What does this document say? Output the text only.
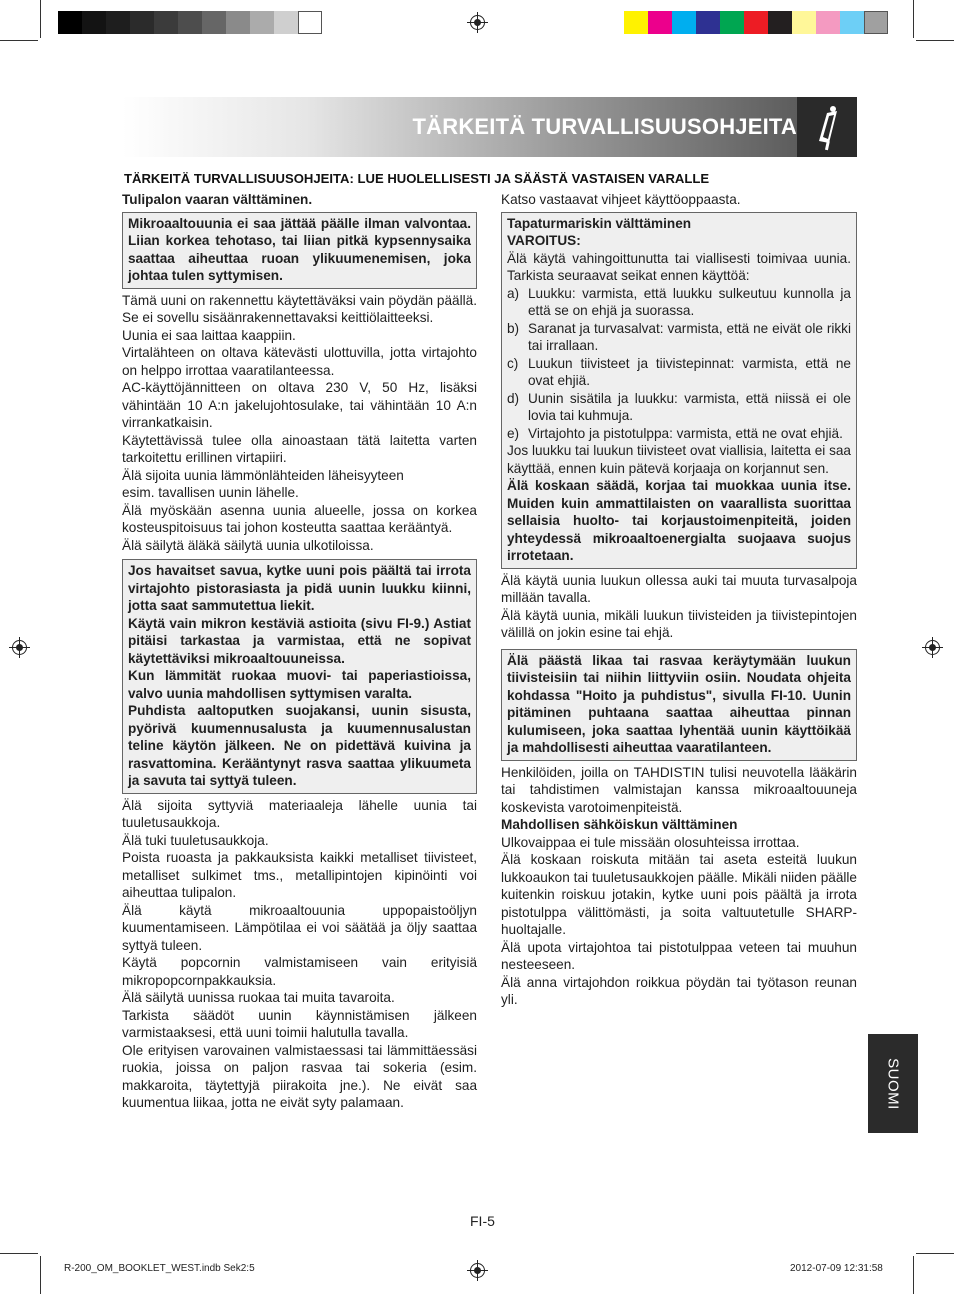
TÄRKEITÄ TURVALLISUUSOHJEITA
TÄRKEITÄ TURVALLISUUSOHJEITA: LUE HUOLELLISESTI JA SÄÄSTÄ VASTAISEN VARALLE

Tulipalon vaaran välttäminen.

Mikroaaltouunia ei saa jättää päälle ilman valvontaa. Liian korkea tehotaso, tai liian pitkä kypsennysaika saattaa aiheuttaa ruoan ylikuumenemisen, joka johtaa tulen syttymisen.

Tämä uuni on rakennettu käytettäväksi vain pöydän päällä. Se ei sovellu sisäänrakennettavaksi keittiölaitteeksi.

Uunia ei saa laittaa kaappiin.

Virtalähteen on oltava kätevästi ulottuvilla, jotta virtajohto on helppo irrottaa vaaratilanteessa.

AC-käyttöjännitteen on oltava 230 V, 50 Hz, lisäksi vähintään 10 A:n jakelujohtosulake, tai vähintään 10 A:n virrankatkaisin.

Käytettävissä tulee olla ainoastaan tätä laitetta varten tarkoitettu erillinen virtapiiri.

Älä sijoita uunia lämmönlähteiden läheisyyteen

esim. tavallisen uunin lähelle.

Älä myöskään asenna uunia alueelle, jossa on korkea kosteuspitoisuus tai johon kosteutta saattaa kerääntyä.

Älä säilytä äläkä säilytä uunia ulkotiloissa.

Jos havaitset savua, kytke uuni pois päältä tai irrota virtajohto pistorasiasta ja pidä uunin luukku kiinni, jotta saat sammutettua liekit.

Käytä vain mikron kestäviä astioita (sivu FI-9.) Astiat pitäisi tarkastaa ja varmistaa, että ne sopivat käytettäviksi mikroaaltouuneissa.

Kun lämmität ruokaa muovi- tai paperiastioissa, valvo uunia mahdollisen syttymisen varalta.

Puhdista aaltoputken suojakansi, uunin sisusta, pyörivä kuumennusalusta ja kuumennusalustan teline käytön jälkeen. Ne on pidettävä kuivina ja rasvattomina. Kerääntynyt rasva saattaa ylikuumeta ja savuta tai syttyä tuleen.

Älä sijoita syttyviä materiaaleja lähelle uunia tai tuuletusaukkoja.

Älä tuki tuuletusaukkoja.

Poista ruoasta ja pakkauksista kaikki metalliset tiivisteet, metalliset sulkimet tms., metallipintojen kipinöinti voi aiheuttaa tulipalon.

Älä käytä mikroaaltouunia uppopaistoöljyn kuumentamiseen. Lämpötilaa ei voi säätää ja öljy saattaa syttyä tuleen.

Käytä popcornin valmistamiseen vain erityisiä mikropopcornpakkauksia.

Älä säilytä uunissa ruokaa tai muita tavaroita.

Tarkista säädöt uunin käynnistämisen jälkeen varmistaaksesi, että uuni toimii halutulla tavalla.

Ole erityisen varovainen valmistaessasi tai lämmittäessäsi ruokia, joissa on paljon rasvaa tai sokeria (esim. makkaroita, täytettyjä piirakoita jne.). Ne eivät saa kuumentua liikaa, jotta ne eivät syty palamaan.

Katso vastaavat vihjeet käyttöoppaasta.

Tapaturmariskin välttäminen

VAROITUS:

Älä käytä vahingoittunutta tai viallisesti toimivaa uunia. Tarkista seuraavat seikat ennen käyttöä:

a) Luukku: varmista, että luukku sulkeutuu kunnolla ja että se on ehjä ja suorassa.
b) Saranat ja turvasalvat: varmista, että ne eivät ole rikki tai irrallaan.
c) Luukun tiivisteet ja tiivistepinnat: varmista, että ne ovat ehjiä.
d) Uunin sisätila ja luukku: varmista, että niissä ei ole lovia tai kuhmuja.
e) Virtajohto ja pistotulppa: varmista, että ne ovat ehjiä.

Jos luukku tai luukun tiivisteet ovat viallisia, laitetta ei saa käyttää, ennen kuin pätevä korjaaja on korjannut sen.

Älä koskaan säädä, korjaa tai muokkaa uunia itse. Muiden kuin ammattilaisten on vaarallista suorittaa sellaisia huolto- tai korjaustoimenpiteitä, joiden yhteydessä mikroaaltoenergialta suojaava suojus irrotetaan.

Älä käytä uunia luukun ollessa auki tai muuta turvasalpoja millään tavalla.

Älä käytä uunia, mikäli luukun tiivisteiden ja tiivistepintojen välillä on jokin esine tai ehjä.

Älä päästä likaa tai rasvaa keräytymään luukun tiivisteisiin tai niihin liittyviin osiin. Noudata ohjeita kohdassa "Hoito ja puhdistus", sivulla FI-10. Uunin pitäminen puhtaana saattaa aiheuttaa pinnan kulumiseen, joka saattaa lyhentää uunin käyttöikää ja mahdollisesti aiheuttaa vaaratilanteen.

Henkilöiden, joilla on TAHDISTIN tulisi neuvotella lääkärin tai tahdistimen valmistajan kanssa mikroaaltouuneja koskevista varotoimenpiteistä.

Mahdollisen sähköiskun välttäminen

Ulkovaippaa ei tule missään olosuhteissa irrottaa.

Älä koskaan roiskuta mitään tai aseta esteitä luukun lukkoaukon tai tuuletusaukkojen päälle. Mikäli niiden päälle kuitenkin roiskuu jotakin, kytke uuni pois päältä ja irrota pistotulppa välittömästi, ja soita valtuutetulle SHARP-huoltajalle.

Älä upota virtajohtoa tai pistotulppaa veteen tai muuhun nesteeseen.

Älä anna virtajohdon roikkua pöydän tai työtason reunan yli.

SUOMI
FI-5
R-200_OM_BOOKLET_WEST.indb Sek2:5	2012-07-09 12:31:58
